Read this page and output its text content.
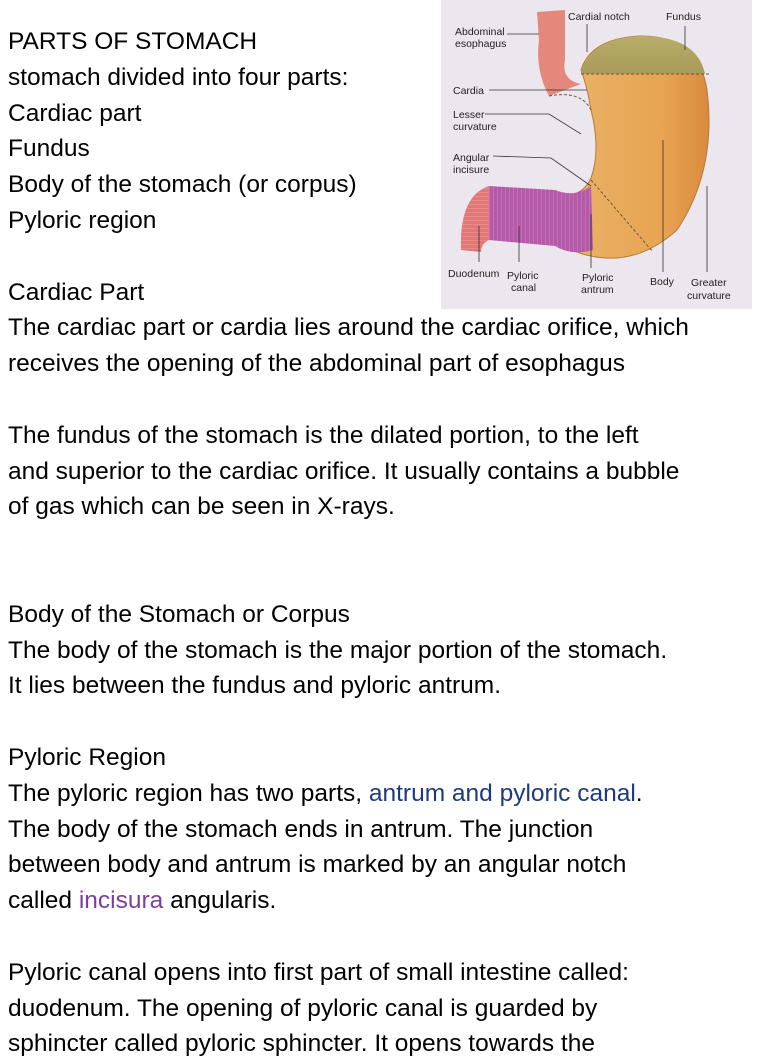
PARTS OF STOMACH
stomach divided into four parts:
Cardiac part
Fundus
Body of the stomach (or corpus)
Pyloric region
Cardiac Part
The cardiac part or cardia lies around the cardiac orifice, which
receives the opening of the abdominal part of esophagus
The fundus of the stomach is the dilated portion, to the left
and superior to the cardiac orifice. It usually contains a bubble
of gas which can be seen in X-rays.
Body of the Stomach or Corpus
The body of the stomach is the major portion of the stomach.
It lies between the fundus and pyloric antrum.
Pyloric Region
The pyloric region has two parts, antrum and pyloric canal.
The body of the stomach ends in antrum. The junction
between body and antrum is marked by an angular notch
called incisura angularis.
Pyloric canal opens into first part of small intestine called:
duodenum. The opening of pyloric canal is guarded by
sphincter called pyloric sphincter. It opens towards the
Abdominal
esophagus
Cardial notch	Fundus
Cardia
Lesser
curvature
Angular
incisure
Duodenum Pyloric
canal
Pyloric
antrum
Body Greater
curvature
